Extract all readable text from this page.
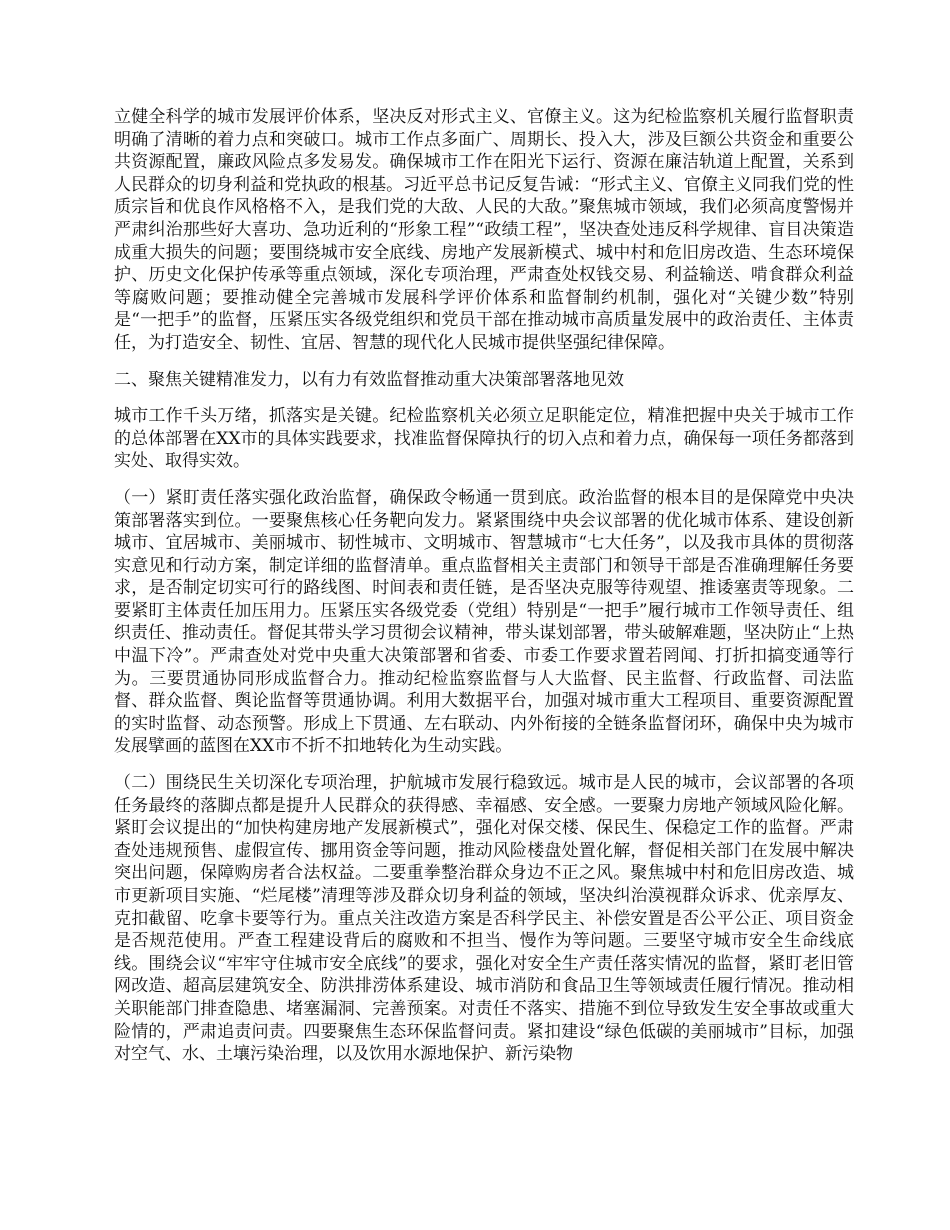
立健全科学的城市发展评价体系，坚决反对形式主义、官僚主义。这为纪检监察机关履行监督职责明确了清晰的着力点和突破口。城市工作点多面广、周期长、投入大，涉及巨额公共资金和重要公共资源配置，廉政风险点多发易发。确保城市工作在阳光下运行、资源在廉洁轨道上配置，关系到人民群众的切身利益和党执政的根基。习近平总书记反复告诫：“形式主义、官僚主义同我们党的性质宗旨和优良作风格格不入，是我们党的大敌、人民的大敌。”聚焦城市领域，我们必须高度警惕并严肃纠治那些好大喜功、急功近利的“形象工程”“政绩工程”，坚决查处违反科学规律、盲目决策造成重大损失的问题；要围绕城市安全底线、房地产发展新模式、城中村和危旧房改造、生态环境保护、历史文化保护传承等重点领域，深化专项治理，严肃查处权钱交易、利益输送、啃食群众利益等腐败问题；要推动健全完善城市发展科学评价体系和监督制约机制，强化对“关键少数”特别是“一把手”的监督，压紧压实各级党组织和党员干部在推动城市高质量发展中的政治责任、主体责任，为打造安全、韧性、宜居、智慧的现代化人民城市提供坚强纪律保障。

二、聚焦关键精准发力，以有力有效监督推动重大决策部署落地见效

城市工作千头万绪，抓落实是关键。纪检监察机关必须立足职能定位，精准把握中央关于城市工作的总体部署在XX市的具体实践要求，找准监督保障执行的切入点和着力点，确保每一项任务都落到实处、取得实效。

（一）紧盯责任落实强化政治监督，确保政令畅通一贯到底。政治监督的根本目的是保障党中央决策部署落实到位。一要聚焦核心任务靶向发力。紧紧围绕中央会议部署的优化城市体系、建设创新城市、宜居城市、美丽城市、韧性城市、文明城市、智慧城市“七大任务”，以及我市具体的贯彻落实意见和行动方案，制定详细的监督清单。重点监督相关主责部门和领导干部是否准确理解任务要求，是否制定切实可行的路线图、时间表和责任链，是否坚决克服等待观望、推诿塞责等现象。二要紧盯主体责任加压用力。压紧压实各级党委（党组）特别是“一把手”履行城市工作领导责任、组织责任、推动责任。督促其带头学习贯彻会议精神，带头谋划部署，带头破解难题，坚决防止“上热中温下冷”。严肃查处对党中央重大决策部署和省委、市委工作要求置若罔闻、打折扣搞变通等行为。三要贯通协同形成监督合力。推动纪检监察监督与人大监督、民主监督、行政监督、司法监督、群众监督、舆论监督等贯通协调。利用大数据平台，加强对城市重大工程项目、重要资源配置的实时监督、动态预警。形成上下贯通、左右联动、内外衔接的全链条监督闭环，确保中央为城市发展擘画的蓝图在XX市不折不扣地转化为生动实践。

（二）围绕民生关切深化专项治理，护航城市发展行稳致远。城市是人民的城市，会议部署的各项任务最终的落脚点都是提升人民群众的获得感、幸福感、安全感。一要聚力房地产领域风险化解。紧盯会议提出的“加快构建房地产发展新模式”，强化对保交楼、保民生、保稳定工作的监督。严肃查处违规预售、虚假宣传、挪用资金等问题，推动风险楼盘处置化解，督促相关部门在发展中解决突出问题，保障购房者合法权益。二要重拳整治群众身边不正之风。聚焦城中村和危旧房改造、城市更新项目实施、“烂尾楼”清理等涉及群众切身利益的领域，坚决纠治漠视群众诉求、优亲厚友、克扣截留、吃拿卡要等行为。重点关注改造方案是否科学民主、补偿安置是否公平公正、项目资金是否规范使用。严查工程建设背后的腐败和不担当、慢作为等问题。三要坚守城市安全生命线底线。围绕会议“牢牢守住城市安全底线”的要求，强化对安全生产责任落实情况的监督，紧盯老旧管网改造、超高层建筑安全、防洪排涝体系建设、城市消防和食品卫生等领域责任履行情况。推动相关职能部门排查隐患、堵塞漏洞、完善预案。对责任不落实、措施不到位导致发生安全事故或重大险情的，严肃追责问责。四要聚焦生态环保监督问责。紧扣建设“绿色低碳的美丽城市”目标，加强对空气、水、土壤污染治理，以及饮用水源地保护、新污染物
